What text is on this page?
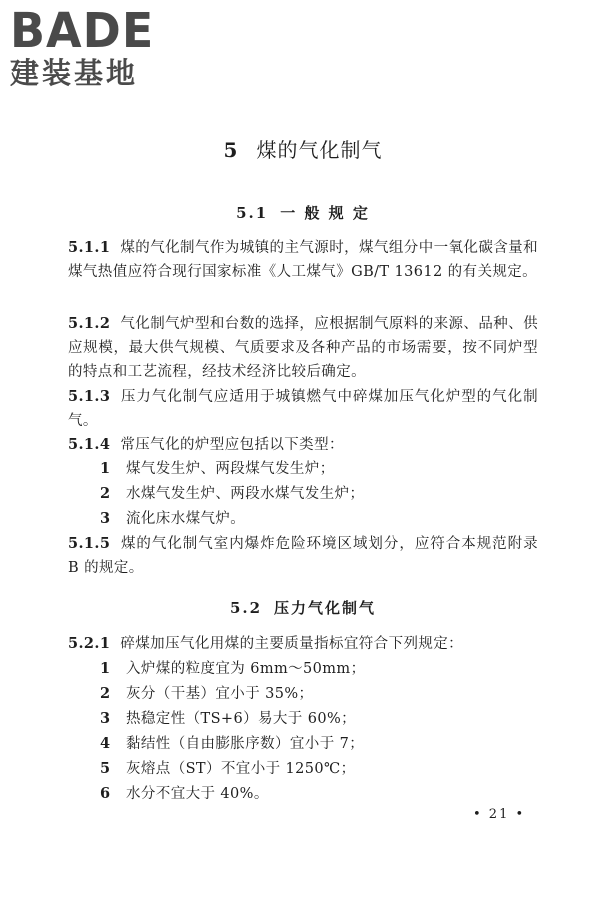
BADE
建装基地
5 煤的气化制气
5.1 一 般 规 定
5.1.1 煤的气化制气作为城镇的主气源时，煤气组分中一氧化碳含量和煤气热值应符合现行国家标准《人工煤气》GB/T 13612 的有关规定。
5.1.2 气化制气炉型和台数的选择，应根据制气原料的来源、品种、供应规模，最大供气规模、气质要求及各种产品的市场需要，按不同炉型的特点和工艺流程，经技术经济比较后确定。
5.1.3 压力气化制气应适用于城镇燃气中碎煤加压气化炉型的气化制气。
5.1.4 常压气化的炉型应包括以下类型：
1 煤气发生炉、两段煤气发生炉；
2 水煤气发生炉、两段水煤气发生炉；
3 流化床水煤气炉。
5.1.5 煤的气化制气室内爆炸危险环境区域划分，应符合本规范附录 B 的规定。
5.2 压力气化制气
5.2.1 碎煤加压气化用煤的主要质量指标宜符合下列规定：
1 入炉煤的粒度宜为 6mm～50mm；
2 灰分（干基）宜小于 35%；
3 热稳定性（TS+6）易大于 60%；
4 黏结性（自由膨胀序数）宜小于 7；
5 灰熔点（ST）不宜小于 1250℃；
6 水分不宜大于 40%。
• 21 •
